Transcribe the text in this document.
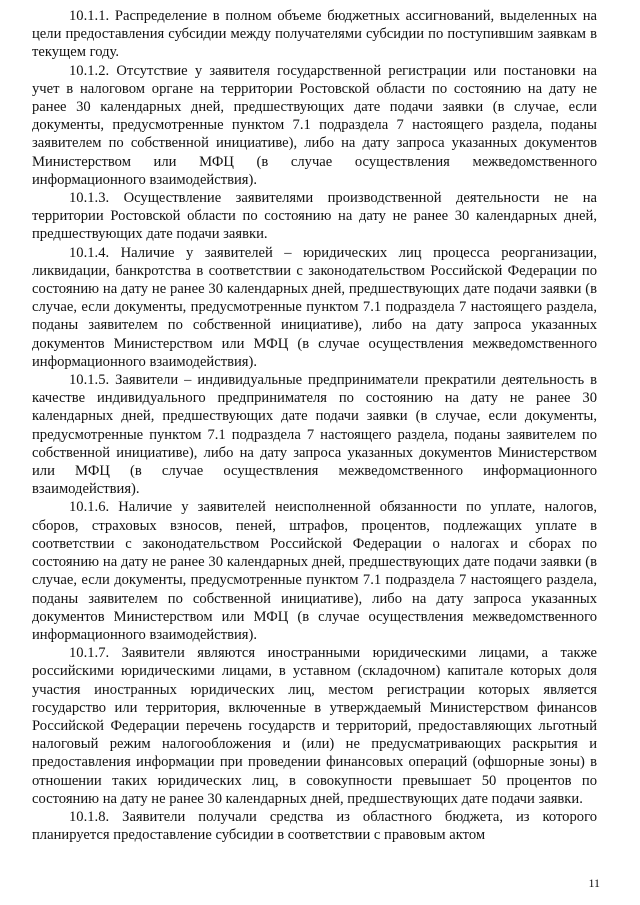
10.1.1. Распределение в полном объеме бюджетных ассигнований, выделенных на цели предоставления субсидии между получателями субсидии по поступившим заявкам в текущем году.

10.1.2. Отсутствие у заявителя государственной регистрации или постановки на учет в налоговом органе на территории Ростовской области по состоянию на дату не ранее 30 календарных дней, предшествующих дате подачи заявки (в случае, если документы, предусмотренные пунктом 7.1 подраздела 7 настоящего раздела, поданы заявителем по собственной инициативе), либо на дату запроса указанных документов Министерством или МФЦ (в случае осуществления межведомственного информационного взаимодействия).

10.1.3. Осуществление заявителями производственной деятельности не на территории Ростовской области по состоянию на дату не ранее 30 календарных дней, предшествующих дате подачи заявки.

10.1.4. Наличие у заявителей – юридических лиц процесса реорганизации, ликвидации, банкротства в соответствии с законодательством Российской Федерации по состоянию на дату не ранее 30 календарных дней, предшествующих дате подачи заявки (в случае, если документы, предусмотренные пунктом 7.1 подраздела 7 настоящего раздела, поданы заявителем по собственной инициативе), либо на дату запроса указанных документов Министерством или МФЦ (в случае осуществления межведомственного информационного взаимодействия).

10.1.5. Заявители – индивидуальные предприниматели прекратили деятельность в качестве индивидуального предпринимателя по состоянию на дату не ранее 30 календарных дней, предшествующих дате подачи заявки (в случае, если документы, предусмотренные пунктом 7.1 подраздела 7 настоящего раздела, поданы заявителем по собственной инициативе), либо на дату запроса указанных документов Министерством или МФЦ (в случае осуществления межведомственного информационного взаимодействия).

10.1.6. Наличие у заявителей неисполненной обязанности по уплате, налогов, сборов, страховых взносов, пеней, штрафов, процентов, подлежащих уплате в соответствии с законодательством Российской Федерации о налогах и сборах по состоянию на дату не ранее 30 календарных дней, предшествующих дате подачи заявки (в случае, если документы, предусмотренные пунктом 7.1 подраздела 7 настоящего раздела, поданы заявителем по собственной инициативе), либо на дату запроса указанных документов Министерством или МФЦ (в случае осуществления межведомственного информационного взаимодействия).

10.1.7. Заявители являются иностранными юридическими лицами, а также российскими юридическими лицами, в уставном (складочном) капитале которых доля участия иностранных юридических лиц, местом регистрации которых является государство или территория, включенные в утверждаемый Министерством финансов Российской Федерации перечень государств и территорий, предоставляющих льготный налоговый режим налогообложения и (или) не предусматривающих раскрытия и предоставления информации при проведении финансовых операций (офшорные зоны) в отношении таких юридических лиц, в совокупности превышает 50 процентов по состоянию на дату не ранее 30 календарных дней, предшествующих дате подачи заявки.

10.1.8. Заявители получали средства из областного бюджета, из которого планируется предоставление субсидии в соответствии с правовым актом

11
